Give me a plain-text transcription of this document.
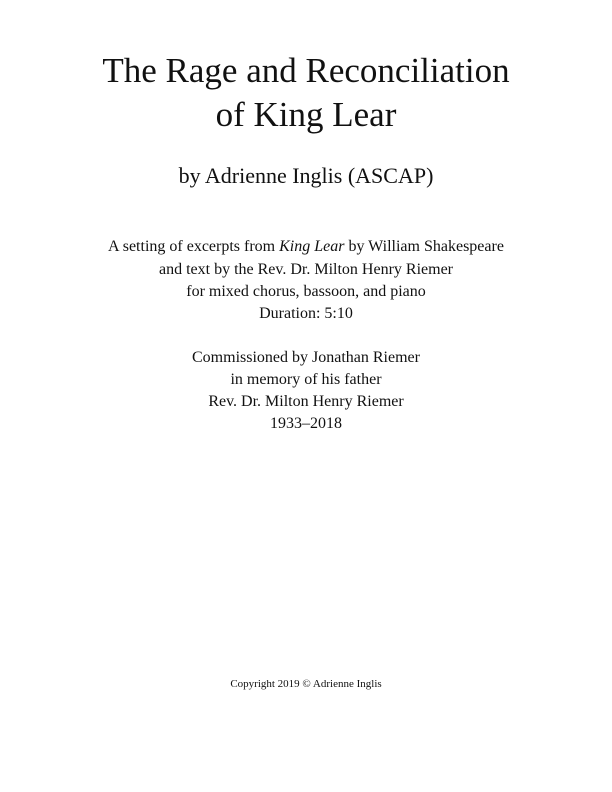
The Rage and Reconciliation
of King Lear
by Adrienne Inglis (ASCAP)
A setting of excerpts from King Lear by William Shakespeare
and text by the Rev. Dr. Milton Henry Riemer
for mixed chorus, bassoon, and piano
Duration: 5:10
Commissioned by Jonathan Riemer
in memory of his father
Rev. Dr. Milton Henry Riemer
1933–2018
Copyright 2019 © Adrienne Inglis
